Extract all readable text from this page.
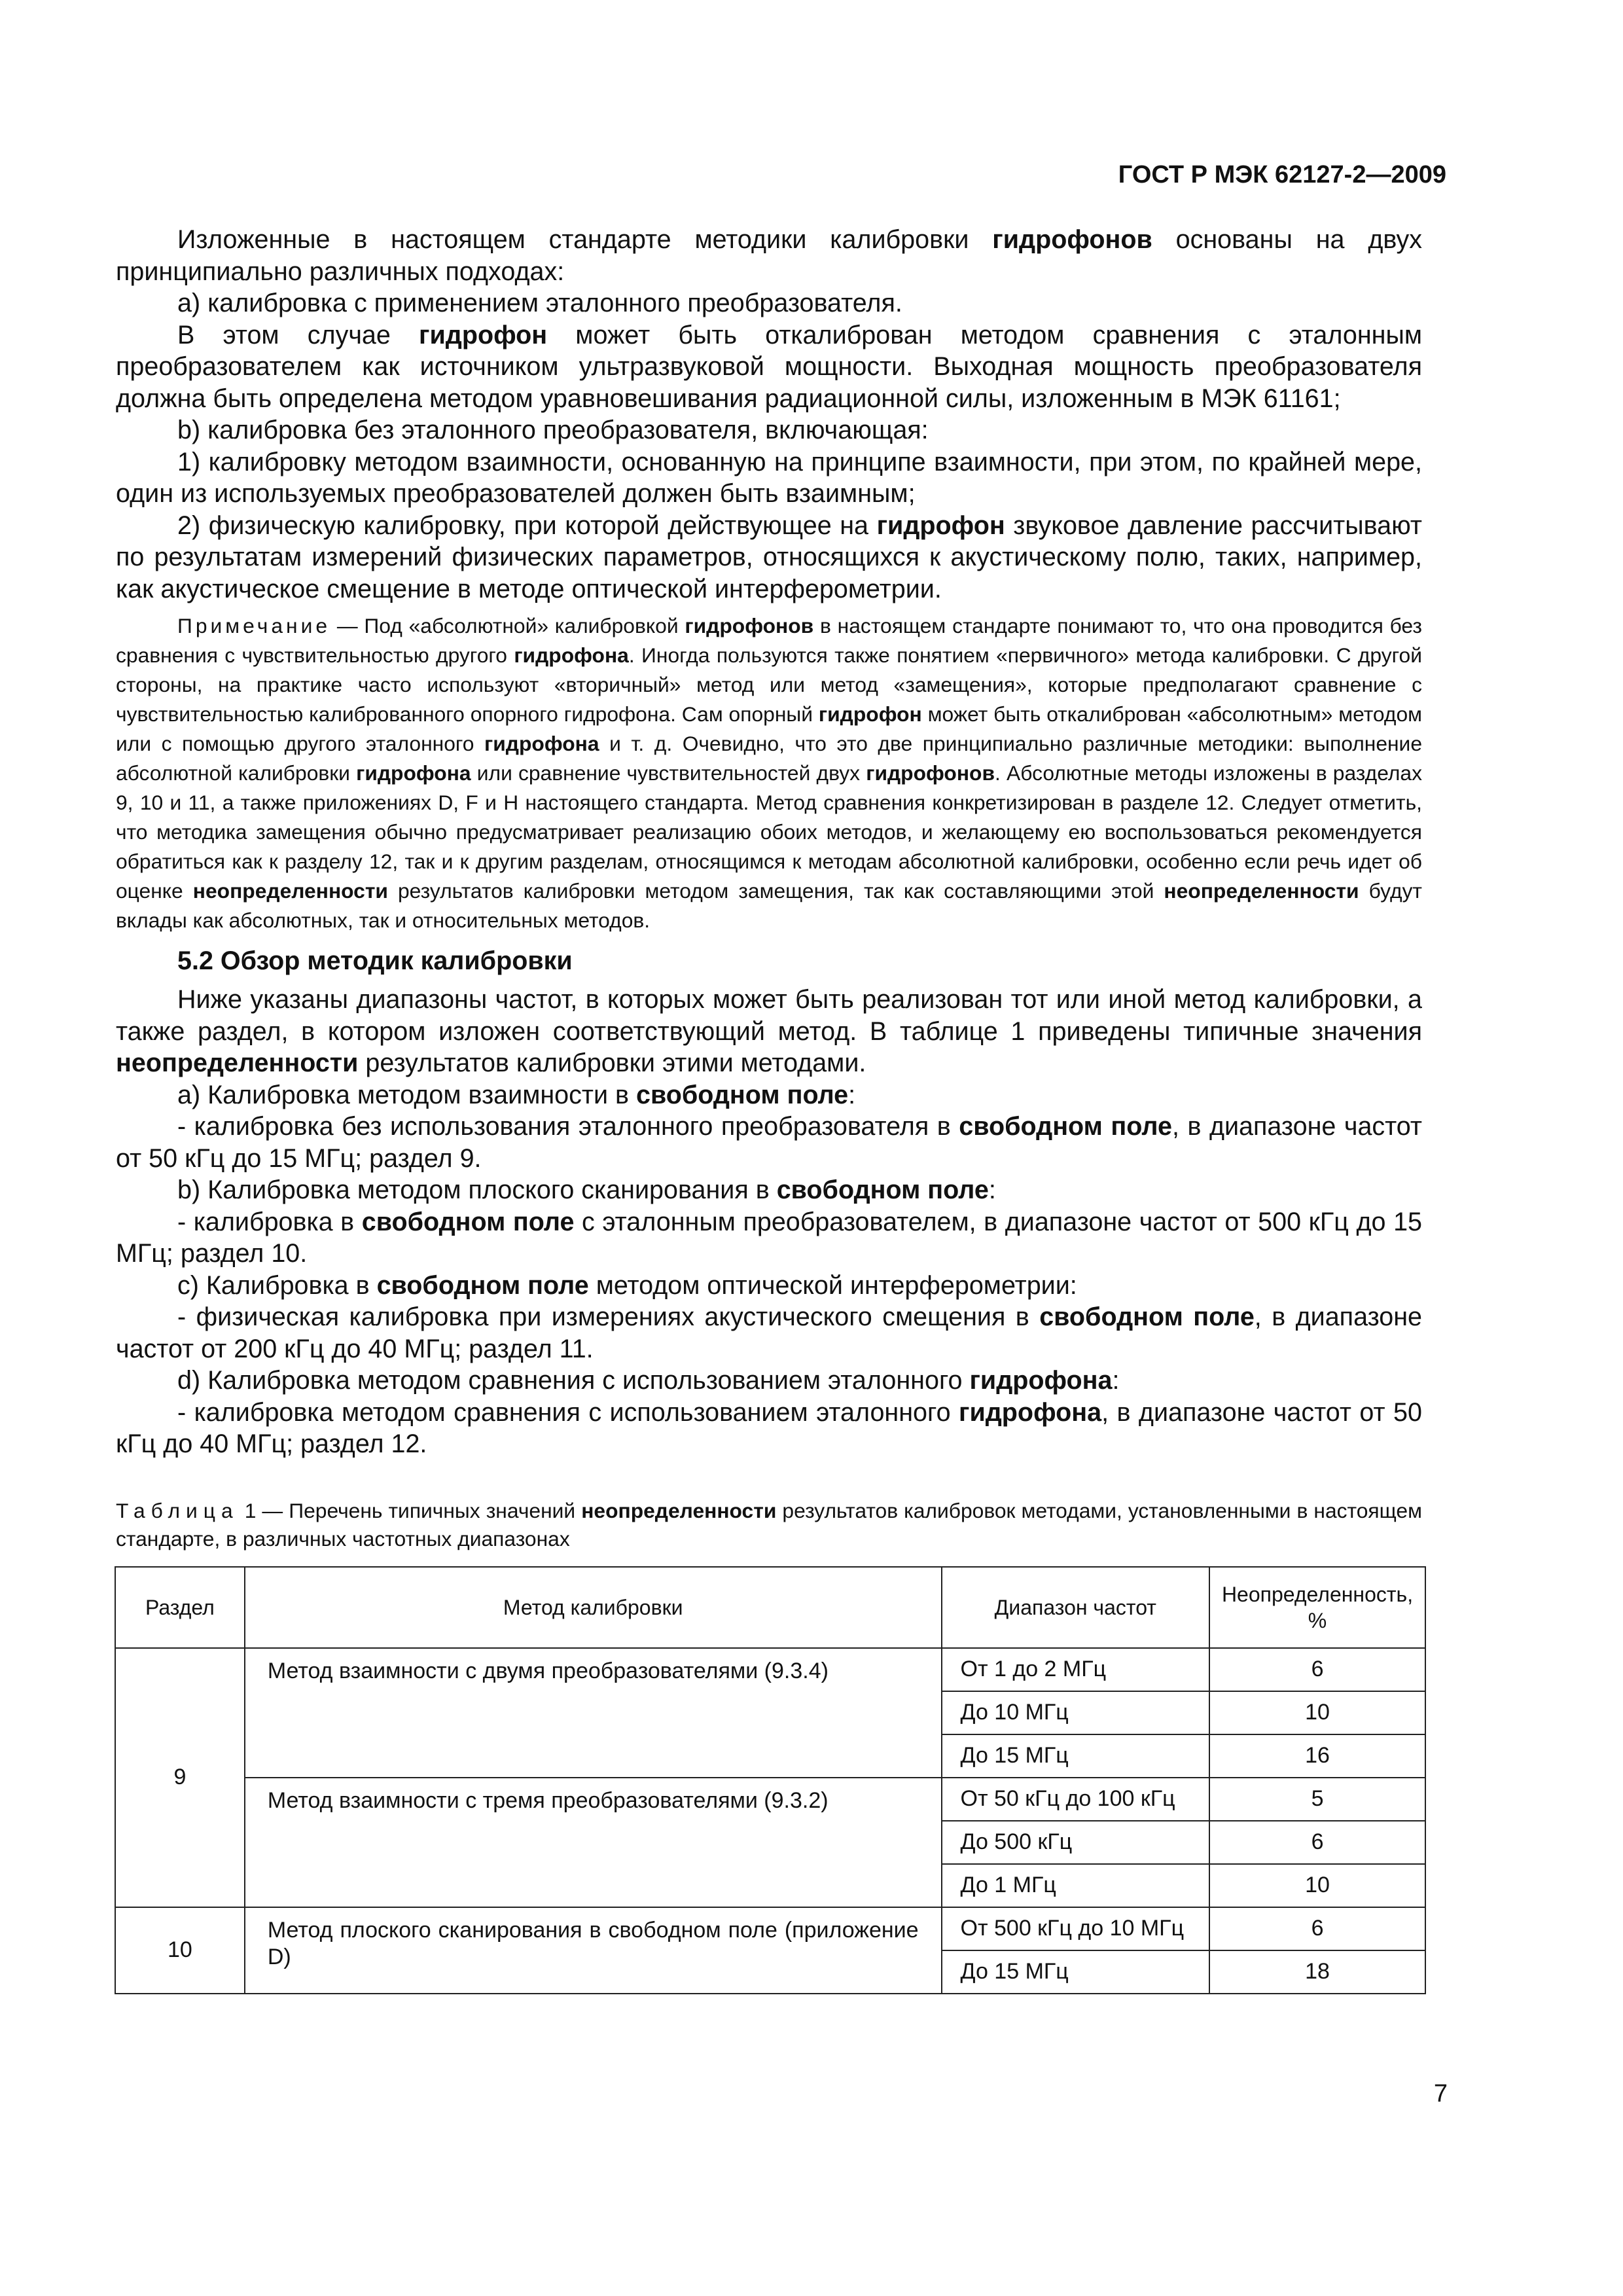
ГОСТ Р МЭК 62127-2—2009

Изложенные в настоящем стандарте методики калибровки гидрофонов основаны на двух принципиально различных подходах:

а) калибровка с применением эталонного преобразователя.

В этом случае гидрофон может быть откалиброван методом сравнения с эталонным преобразователем как источником ультразвуковой мощности. Выходная мощность преобразователя должна быть определена методом уравновешивания радиационной силы, изложенным в МЭК 61161;

b) калибровка без эталонного преобразователя, включающая:

1) калибровку методом взаимности, основанную на принципе взаимности, при этом, по крайней мере, один из используемых преобразователей должен быть взаимным;

2) физическую калибровку, при которой действующее на гидрофон звуковое давление рассчитывают по результатам измерений физических параметров, относящихся к акустическому полю, таких, например, как акустическое смещение в методе оптической интерферометрии.

Примечание — Под «абсолютной» калибровкой гидрофонов в настоящем стандарте понимают то, что она проводится без сравнения с чувствительностью другого гидрофона. Иногда пользуются также понятием «первичного» метода калибровки. С другой стороны, на практике часто используют «вторичный» метод или метод «замещения», которые предполагают сравнение с чувствительностью калиброванного опорного гидрофона. Сам опорный гидрофон может быть откалиброван «абсолютным» методом или с помощью другого эталонного гидрофона и т. д. Очевидно, что это две принципиально различные методики: выполнение абсолютной калибровки гидрофона или сравнение чувствительностей двух гидрофонов. Абсолютные методы изложены в разделах 9, 10 и 11, а также приложениях D, F и H настоящего стандарта. Метод сравнения конкретизирован в разделе 12. Следует отметить, что методика замещения обычно предусматривает реализацию обоих методов, и желающему ею воспользоваться рекомендуется обратиться как к разделу 12, так и к другим разделам, относящимся к методам абсолютной калибровки, особенно если речь идет об оценке неопределенности результатов калибровки методом замещения, так как составляющими этой неопределенности будут вклады как абсолютных, так и относительных методов.

5.2 Обзор методик калибровки

Ниже указаны диапазоны частот, в которых может быть реализован тот или иной метод калибровки, а также раздел, в котором изложен соответствующий метод. В таблице 1 приведены типичные значения неопределенности результатов калибровки этими методами.

a) Калибровка методом взаимности в свободном поле:

- калибровка без использования эталонного преобразователя в свободном поле, в диапазоне частот от 50 кГц до 15 МГц; раздел 9.

b) Калибровка методом плоского сканирования в свободном поле:

- калибровка в свободном поле с эталонным преобразователем, в диапазоне частот от 500 кГц до 15 МГц; раздел 10.

c) Калибровка в свободном поле методом оптической интерферометрии:

- физическая калибровка при измерениях акустического смещения в свободном поле, в диапазоне частот от 200 кГц до 40 МГц; раздел 11.

d) Калибровка методом сравнения с использованием эталонного гидрофона:

- калибровка методом сравнения с использованием эталонного гидрофона, в диапазоне частот от 50 кГц до 40 МГц; раздел 12.

Таблица 1 — Перечень типичных значений неопределенности результатов калибровок методами, установленными в настоящем стандарте, в различных частотных диапазонах

Раздел	Метод калибровки	Диапазон частот	Неопределенность, %
9	Метод взаимности с двумя преобразователями (9.3.4)	От 1 до 2 МГц	6
		До 10 МГц	10
		До 15 МГц	16
	Метод взаимности с тремя преобразователями (9.3.2)	От 50 кГц до 100 кГц	5
		До 500 кГц	6
		До 1 МГц	10
10	Метод плоского сканирования в свободном поле (приложение D)	От 500 кГц до 10 МГц	6
		До 15 МГц	18
7
